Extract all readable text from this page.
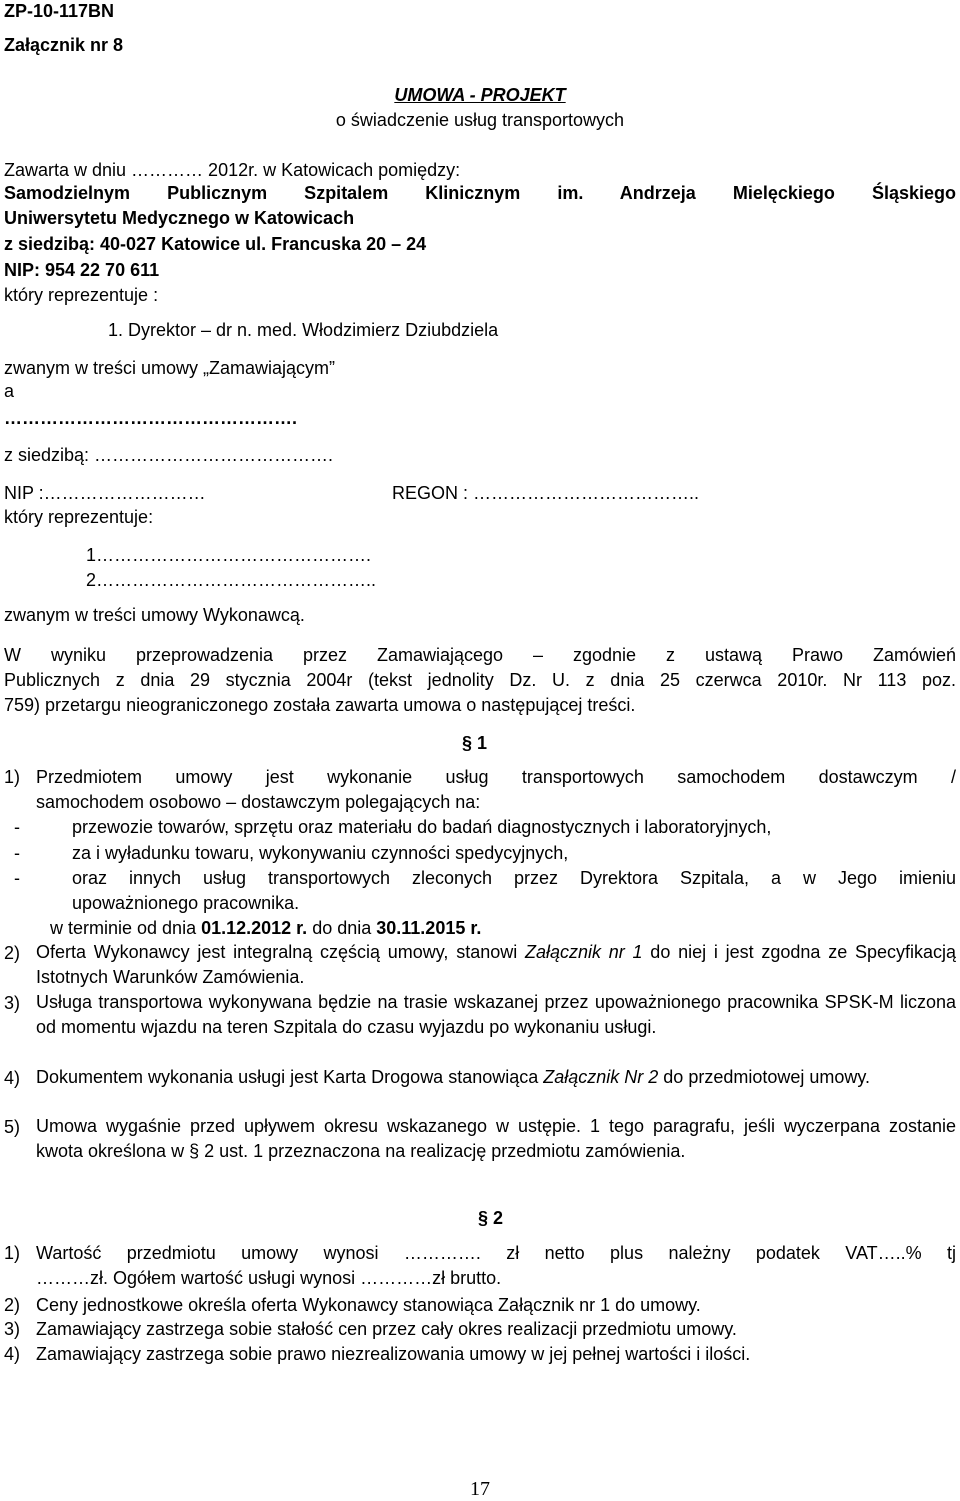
ZP-10-117BN
Załącznik nr 8
UMOWA - PROJEKT
o świadczenie usług transportowych
Zawarta w dniu ………… 2012r. w Katowicach pomiędzy:
Samodzielnym Publicznym Szpitalem Klinicznym im. Andrzeja Mielęckiego Śląskiego
Uniwersytetu Medycznego w Katowicach
z siedzibą: 40-027 Katowice ul. Francuska 20 – 24
NIP: 954 22 70 611
który reprezentuje :
1. Dyrektor – dr n. med. Włodzimierz Dziubdziela
zwanym w treści umowy „Zamawiającym”
a
………………………………………….
z siedzibą: ………………………………….
NIP :………………………	REGON : ………………………………..
który reprezentuje:
1……………………………………….
2………………………………………..
zwanym w treści umowy Wykonawcą.
W wyniku przeprowadzenia przez Zamawiającego – zgodnie z ustawą Prawo Zamówień
Publicznych z dnia 29 stycznia 2004r (tekst jednolity Dz. U. z dnia 25 czerwca 2010r. Nr 113 poz.
759) przetargu nieograniczonego została zawarta umowa o następującej treści.
§ 1
1) Przedmiotem umowy jest wykonanie usług transportowych samochodem dostawczym /
samochodem osobowo – dostawczym polegających na:
-	przewozie towarów, sprzętu oraz materiału do badań diagnostycznych i laboratoryjnych,
-	za i wyładunku towaru, wykonywaniu czynności spedycyjnych,
-	oraz innych usług transportowych zleconych przez Dyrektora Szpitala, a w Jego imieniu
upoważnionego pracownika.
w terminie od dnia 01.12.2012 r. do dnia 30.11.2015 r.
2) Oferta Wykonawcy jest integralną częścią umowy, stanowi Załącznik nr 1 do niej i jest zgodna ze Specyfikacją Istotnych Warunków Zamówienia.
3) Usługa transportowa wykonywana będzie na trasie wskazanej przez upoważnionego pracownika SPSK-M liczona od momentu wjazdu na teren Szpitala do czasu wyjazdu po wykonaniu usługi.
4) Dokumentem wykonania usługi jest Karta Drogowa stanowiąca Załącznik Nr 2 do przedmiotowej umowy.
5) Umowa wygaśnie przed upływem okresu wskazanego w ustępie. 1 tego paragrafu, jeśli wyczerpana zostanie kwota określona w § 2 ust. 1 przeznaczona na realizację przedmiotu zamówienia.
§ 2
1) Wartość przedmiotu umowy wynosi …………. zł netto plus należny podatek VAT…..% tj
………zł. Ogółem wartość usługi wynosi …………zł brutto.
2) Ceny jednostkowe określa oferta Wykonawcy stanowiąca Załącznik nr 1 do umowy.
3) Zamawiający zastrzega sobie stałość cen przez cały okres realizacji przedmiotu umowy.
4) Zamawiający zastrzega sobie prawo niezrealizowania umowy w jej pełnej wartości i ilości.
17
